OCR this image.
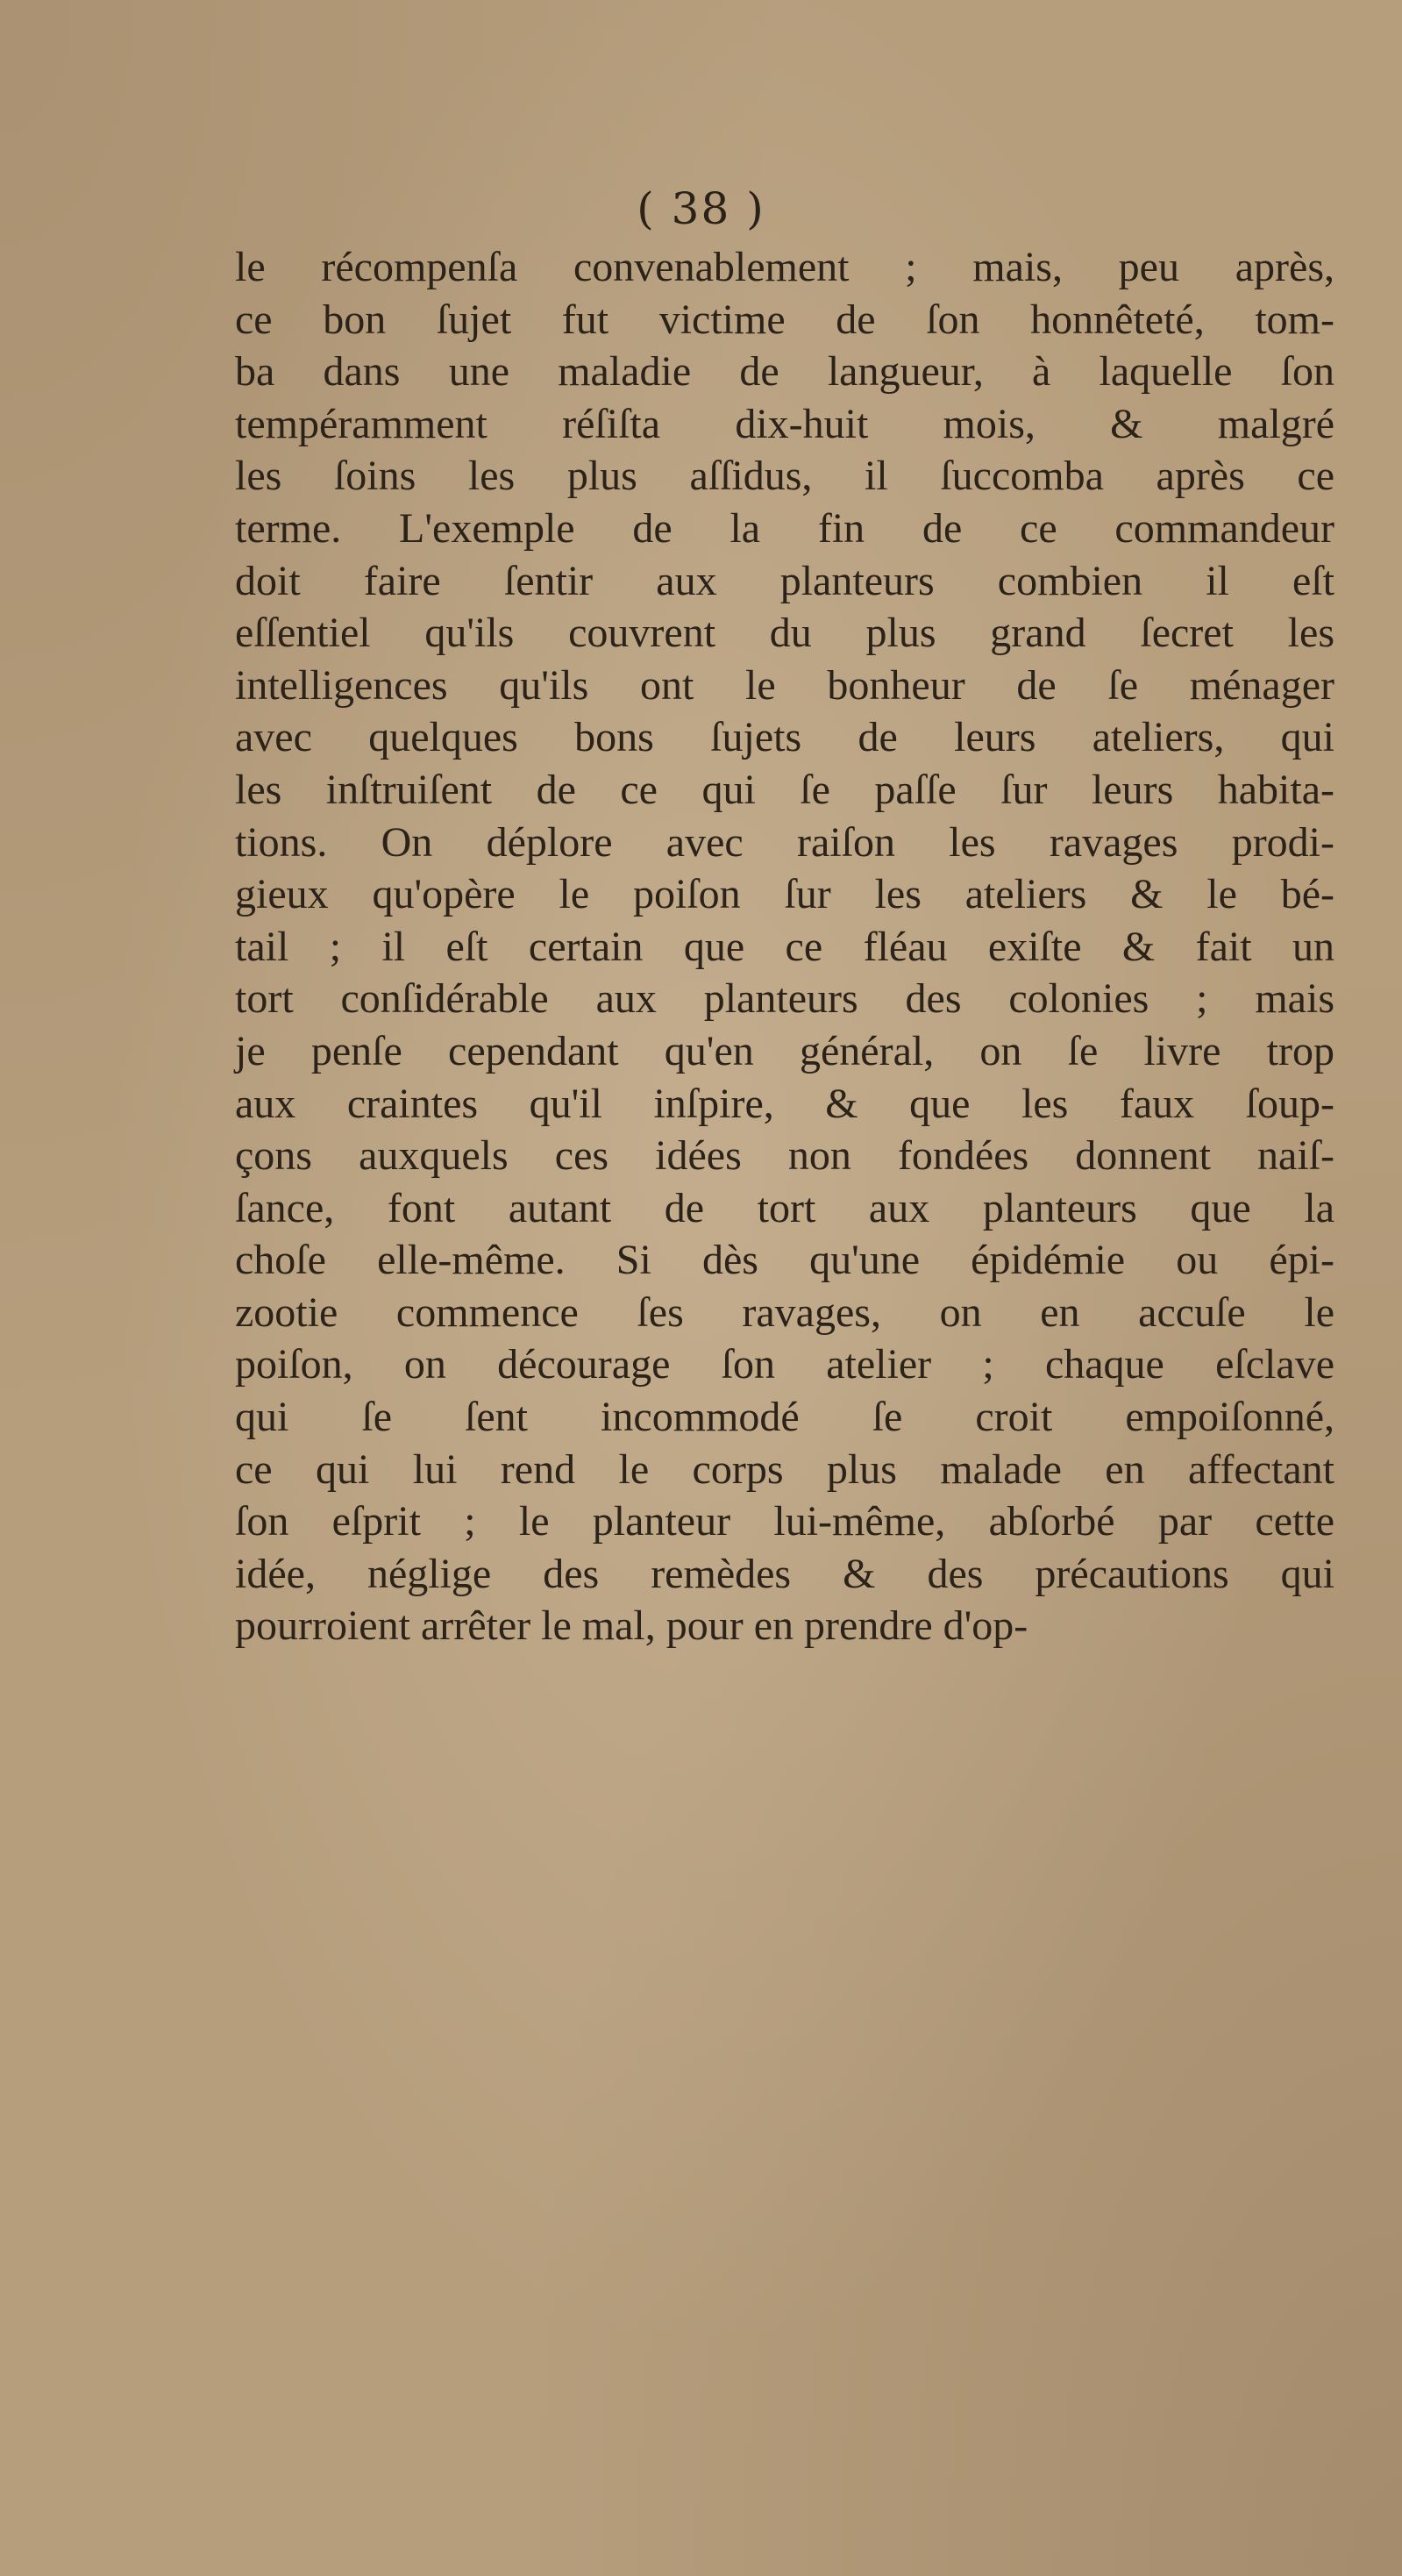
( 38 )
le récompenſa convenablement ; mais, peu après,
ce bon ſujet fut victime de ſon honnêteté, tom-
ba dans une maladie de langueur, à laquelle ſon
tempéramment réſiſta dix-huit mois, & malgré
les ſoins les plus aſſidus, il ſuccomba après ce
terme. L'exemple de la fin de ce commandeur
doit faire ſentir aux planteurs combien il eſt
eſſentiel qu'ils couvrent du plus grand ſecret les
intelligences qu'ils ont le bonheur de ſe ménager
avec quelques bons ſujets de leurs ateliers, qui
les inſtruiſent de ce qui ſe paſſe ſur leurs habita-
tions. On déplore avec raiſon les ravages prodi-
gieux qu'opère le poiſon ſur les ateliers & le bé-
tail ; il eſt certain que ce fléau exiſte & fait un
tort conſidérable aux planteurs des colonies ; mais
je penſe cependant qu'en général, on ſe livre trop
aux craintes qu'il inſpire, & que les faux ſoup-
çons auxquels ces idées non fondées donnent naiſ-
ſance, font autant de tort aux planteurs que la
choſe elle-même. Si dès qu'une épidémie ou épi-
zootie commence ſes ravages, on en accuſe le
poiſon, on décourage ſon atelier ; chaque eſclave
qui ſe ſent incommodé ſe croit empoiſonné,
ce qui lui rend le corps plus malade en affectant
ſon eſprit ; le planteur lui-même, abſorbé par cette
idée, néglige des remèdes & des précautions qui
pourroient arrêter le mal, pour en prendre d'op-
